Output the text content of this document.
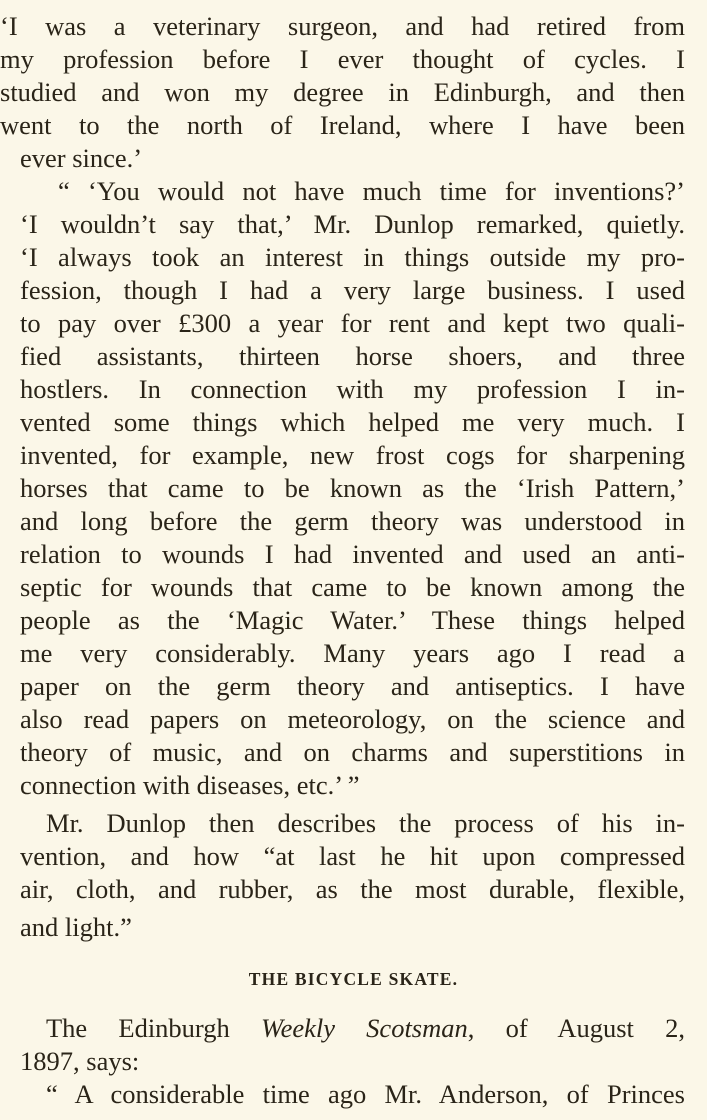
‘I was a veterinary surgeon, and had retired from

my profession before I ever thought of cycles. I

studied and won my degree in Edinburgh, and then

went to the north of Ireland, where I have been

ever since.’

“ ‘You would not have much time for inventions?’

‘I wouldn’t say that,’ Mr. Dunlop remarked, quietly.

‘I always took an interest in things outside my pro-

fession, though I had a very large business. I used

to pay over £300 a year for rent and kept two quali-

fied assistants, thirteen horse shoers, and three

hostlers. In connection with my profession I in-

vented some things which helped me very much. I

invented, for example, new frost cogs for sharpening

horses that came to be known as the ‘Irish Pattern,’

and long before the germ theory was understood in

relation to wounds I had invented and used an anti-

septic for wounds that came to be known among the

people as the ‘Magic Water.’ These things helped

me very considerably. Many years ago I read a

paper on the germ theory and antiseptics. I have

also read papers on meteorology, on the science and

theory of music, and on charms and superstitions in

connection with diseases, etc.’ ”

Mr. Dunlop then describes the process of his in-

vention, and how “at last he hit upon compressed

air, cloth, and rubber, as the most durable, flexible,

and light.”

THE BICYCLE SKATE.

The Edinburgh Weekly Scotsman, of August 2,

1897, says:

“ A considerable time ago Mr. Anderson, of Princes
